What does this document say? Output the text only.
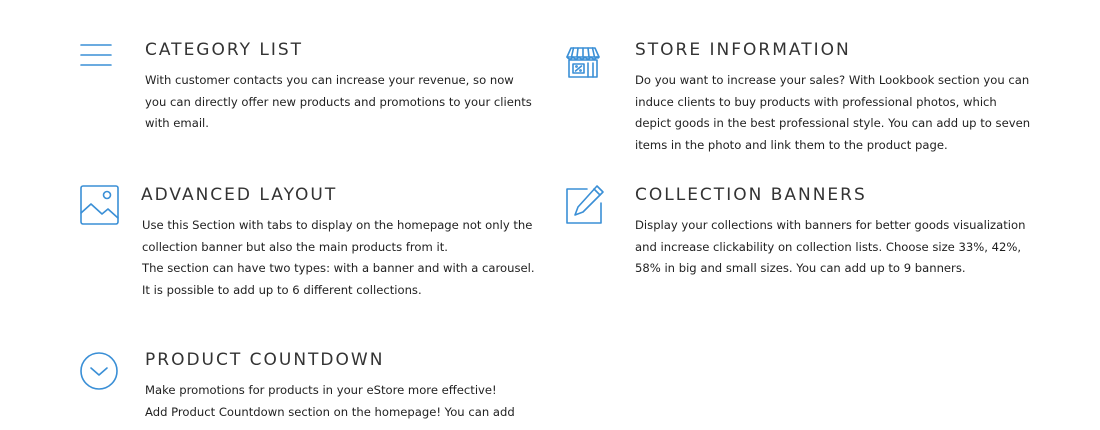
CATEGORY LIST

With customer contacts you can increase your revenue, so now
you can directly offer new products and promotions to your clients
with email.

STORE INFORMATION

Do you want to increase your sales? With Lookbook section you can
induce clients to buy products with professional photos, which
depict goods in the best professional style. You can add up to seven
items in the photo and link them to the product page.

ADVANCED LAYOUT

Use this Section with tabs to display on the homepage not only the
collection banner but also the main products from it.
The section can have two types: with a banner and with a carousel.
It is possible to add up to 6 different collections.

COLLECTION BANNERS

Display your collections with banners for better goods visualization
and increase clickability on collection lists. Choose size 33%, 42%,
58% in big and small sizes. You can add up to 9 banners.

PRODUCT COUNTDOWN

Make promotions for products in your eStore more effective!
Add Product Countdown section on the homepage! You can add
